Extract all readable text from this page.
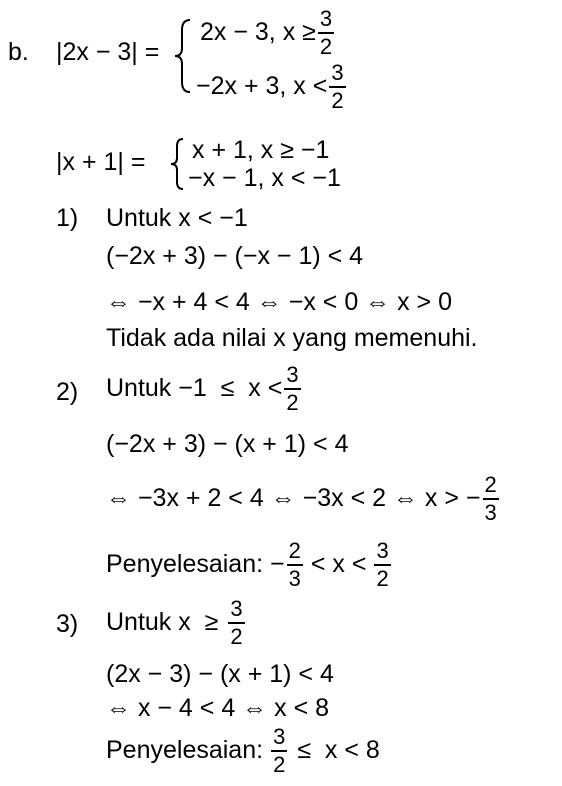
b. |2x − 3| =
2x − 3, $x \ge \frac{3}{2}$
−2x + 3, $x < \frac{3}{2}$
|x + 1| = x + 1, x ≥ −1
−x − 1, x < −1
1) Untuk x < −1
(−2x + 3) − (−x − 1) < 4
⇔ −x + 4 < 4 ⇔ −x < 0 ⇔ x > 0
Tidak ada nilai x yang memenuhi.
2) Untuk $-1 \le x < \frac{3}{2}$
(−2x + 3) − (x + 1) < 4
⇔ −3x + 2 < 4 ⇔ −3x < 2 ⇔ x > − $\frac{2}{3}$
Penyelesaian: − $\frac{2}{3} < x < \frac{3}{2}$
3) Untuk $x \ge \frac{3}{2}$
(2x − 3) − (x + 1) < 4
⇔ x − 4 < 4 ⇔ x < 8
Penyelesaian: $\frac{3}{2} \le x < 8$
